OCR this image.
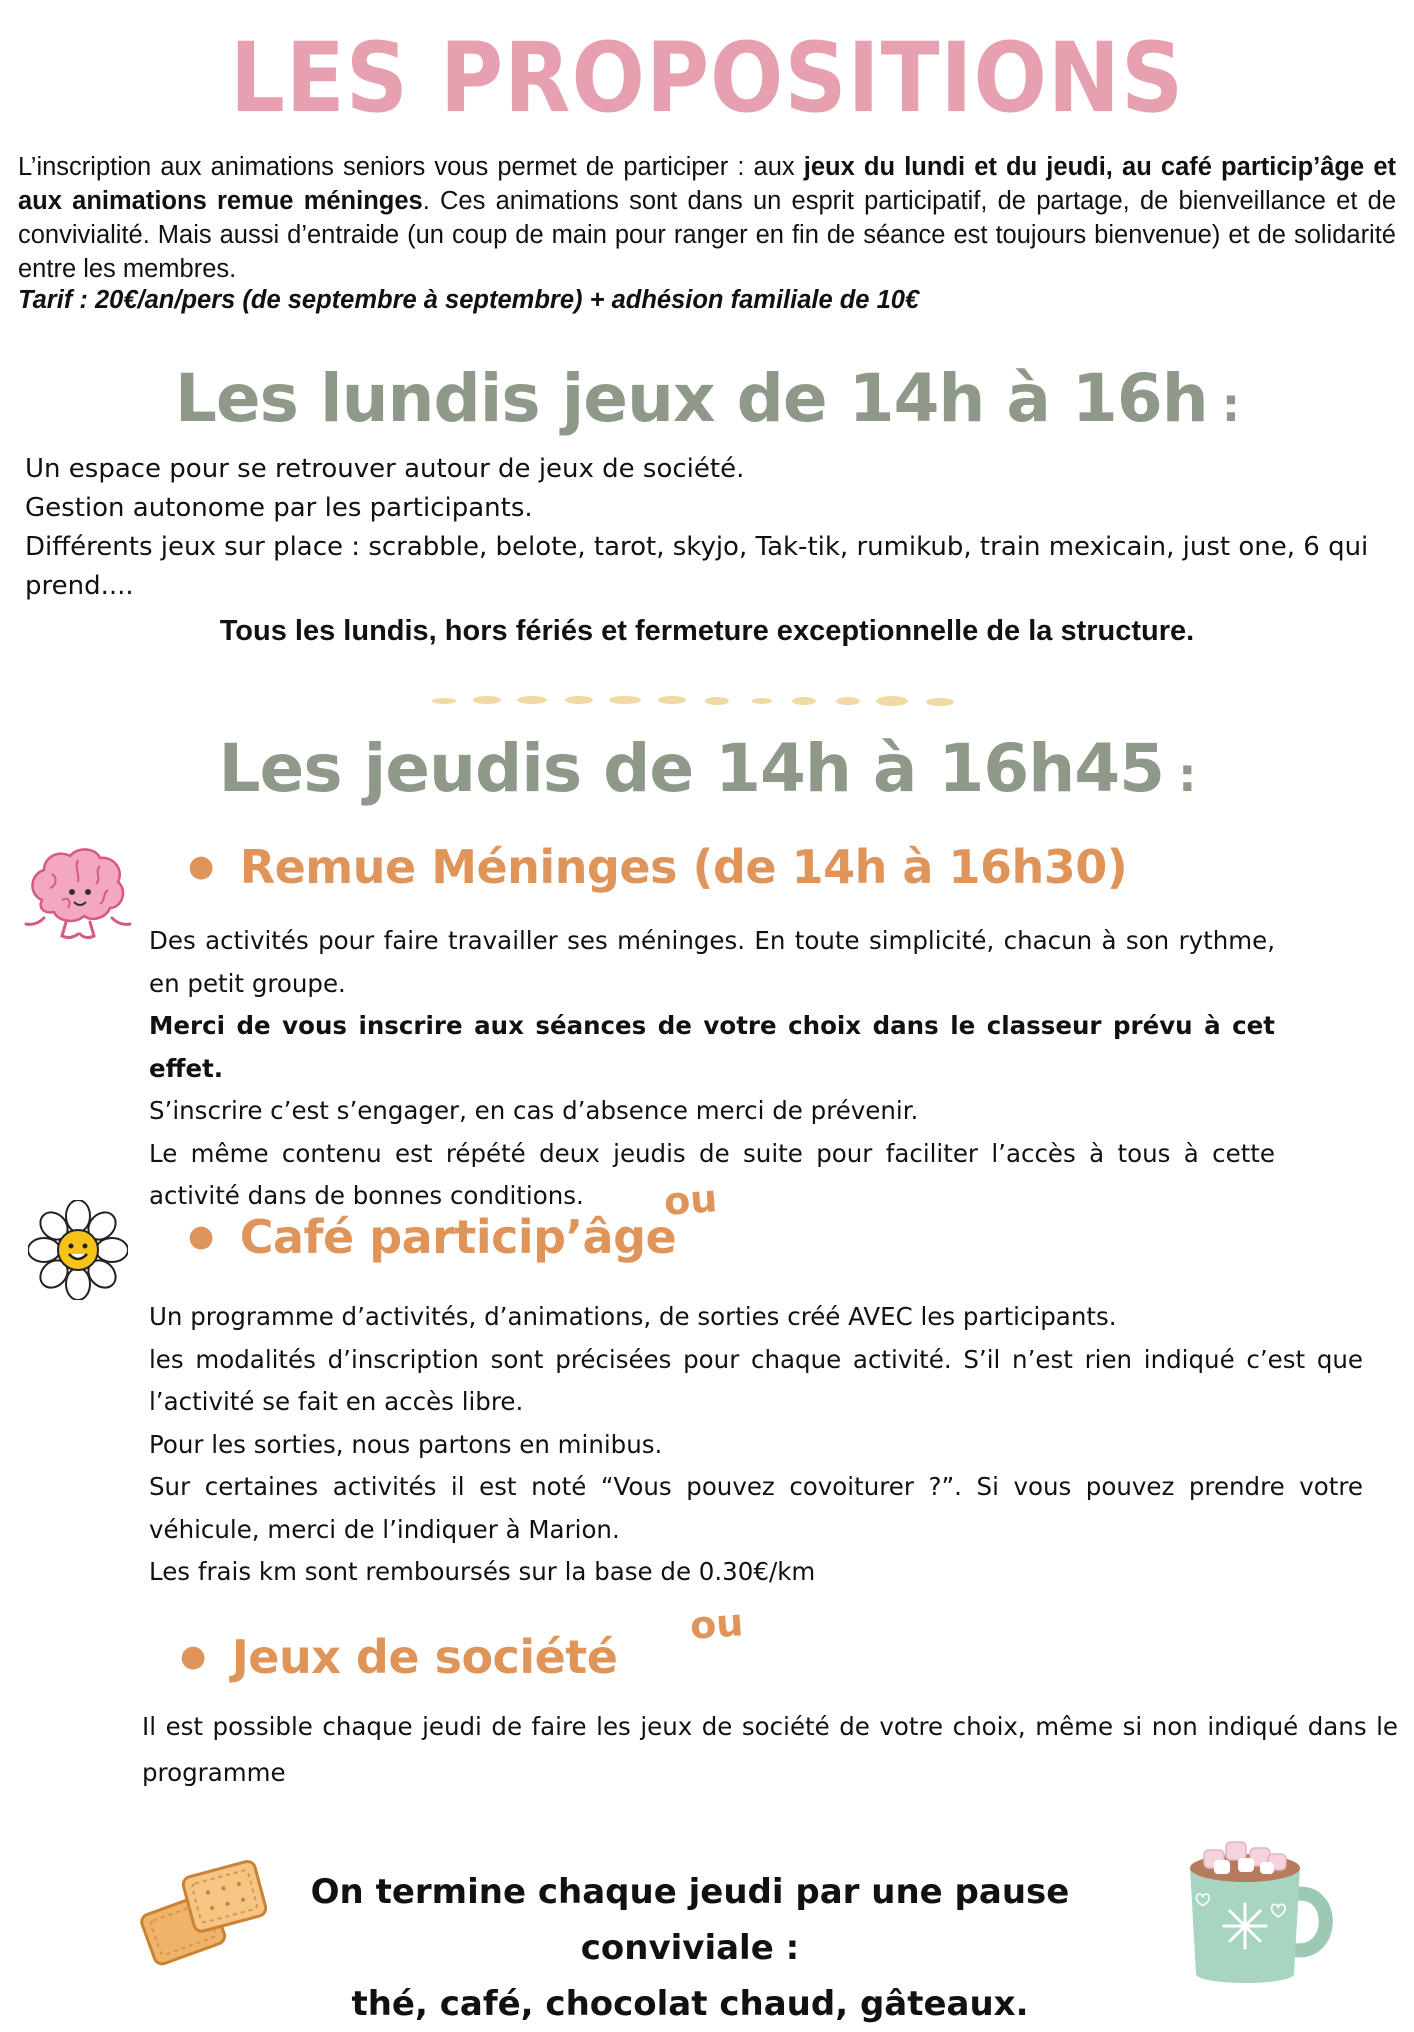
LES PROPOSITIONS
L’inscription aux animations seniors vous permet de participer : aux jeux du lundi et du jeudi, au café particip’âge et aux animations remue méninges. Ces animations sont dans un esprit participatif, de partage, de bienveillance et de convivialité. Mais aussi d’entraide (un coup de main pour ranger en fin de séance est toujours bienvenue) et de solidarité entre les membres.
Tarif : 20€/an/pers (de septembre à septembre) + adhésion familiale de 10€
Les lundis jeux de 14h à 16h :
Un espace pour se retrouver autour de jeux de société.
Gestion autonome par les participants.
Différents jeux sur place : scrabble, belote, tarot, skyjo, Tak-tik, rumikub, train mexicain, just one, 6 qui prend....
Tous les lundis, hors fériés et fermeture exceptionnelle de la structure.
Les jeudis de 14h à 16h45 :
● Remue Méninges (de 14h à 16h30)
Des activités pour faire travailler ses méninges. En toute simplicité, chacun à son rythme, en petit groupe.
Merci de vous inscrire aux séances de votre choix dans le classeur prévu à cet effet.
S’inscrire c’est s’engager, en cas d’absence merci de prévenir.
Le même contenu est répété deux jeudis de suite pour faciliter l’accès à tous à cette activité dans de bonnes conditions.	ou
● Café particip’âge
Un programme d’activités, d’animations, de sorties créé AVEC les participants.
les modalités d’inscription sont précisées pour chaque activité. S’il n’est rien indiqué c’est que l’activité se fait en accès libre.
Pour les sorties, nous partons en minibus.
Sur certaines activités il est noté “Vous pouvez covoiturer ?”. Si vous pouvez prendre votre véhicule, merci de l’indiquer à Marion.
Les frais km sont remboursés sur la base de 0.30€/km
ou
● Jeux de société
Il est possible chaque jeudi de faire les jeux de société de votre choix, même si non indiqué dans le programme
On termine chaque jeudi par une pause conviviale :
thé, café, chocolat chaud, gâteaux.
